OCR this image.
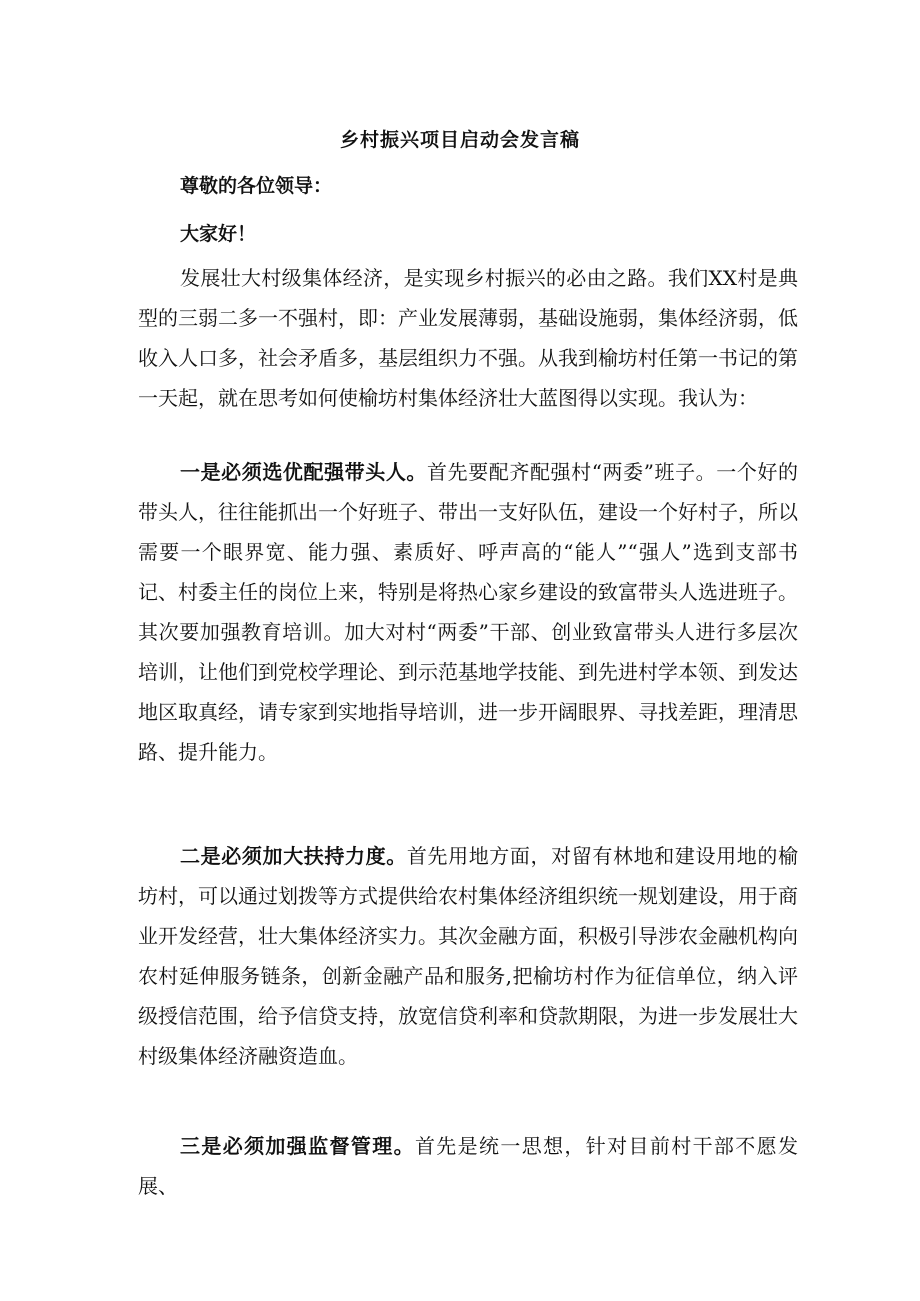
乡村振兴项目启动会发言稿
尊敬的各位领导：
大家好！

发展壮大村级集体经济，是实现乡村振兴的必由之路。我们XX村是典型的三弱二多一不强村，即：产业发展薄弱，基础设施弱，集体经济弱，低收入人口多，社会矛盾多，基层组织力不强。从我到榆坊村任第一书记的第一天起，就在思考如何使榆坊村集体经济壮大蓝图得以实现。我认为：

一是必须选优配强带头人。首先要配齐配强村“两委”班子。一个好的带头人，往往能抓出一个好班子、带出一支好队伍，建设一个好村子，所以需要一个眼界宽、能力强、素质好、呼声高的“能人”“强人”选到支部书记、村委主任的岗位上来，特别是将热心家乡建设的致富带头人选进班子。其次要加强教育培训。加大对村“两委”干部、创业致富带头人进行多层次培训，让他们到党校学理论、到示范基地学技能、到先进村学本领、到发达地区取真经，请专家到实地指导培训，进一步开阔眼界、寻找差距，理清思路、提升能力。

二是必须加大扶持力度。首先用地方面，对留有林地和建设用地的榆坊村，可以通过划拨等方式提供给农村集体经济组织统一规划建设，用于商业开发经营，壮大集体经济实力。其次金融方面，积极引导涉农金融机构向农村延伸服务链条，创新金融产品和服务,把榆坊村作为征信单位，纳入评级授信范围，给予信贷支持，放宽信贷利率和贷款期限，为进一步发展壮大村级集体经济融资造血。

三是必须加强监督管理。首先是统一思想，针对目前村干部不愿发展、
